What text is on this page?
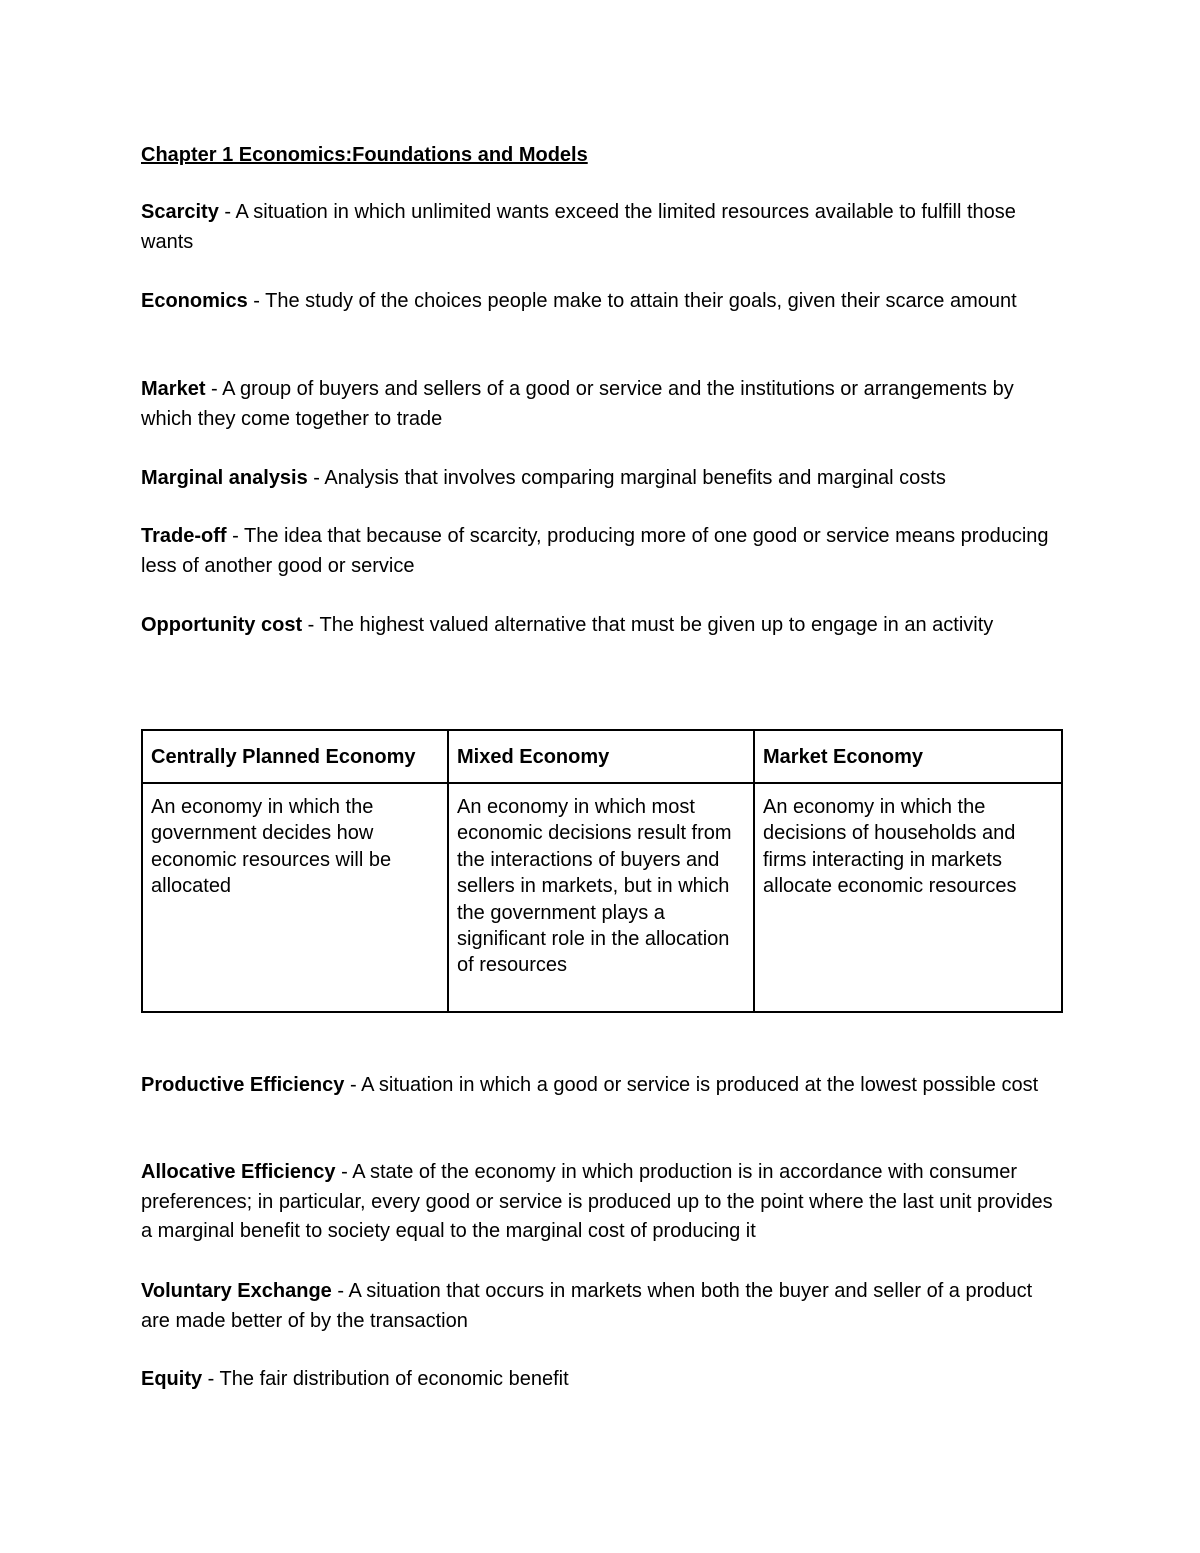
Chapter 1 Economics:Foundations and Models
Scarcity - A situation in which unlimited wants exceed the limited resources available to fulfill those wants
Economics - The study of the choices people make to attain their goals, given their scarce amount
Market - A group of buyers and sellers of a good or service and the institutions or arrangements by which they come together to trade
Marginal analysis - Analysis that involves comparing marginal benefits and marginal costs
Trade-off - The idea that because of scarcity, producing more of one good or service means producing less of another good or service
Opportunity cost - The highest valued alternative that must be given up to engage in an activity
Centrally Planned Economy	Mixed Economy	Market Economy
An economy in which the government decides how economic resources will be allocated	An economy in which most economic decisions result from the interactions of buyers and sellers in markets, but in which the government plays a significant role in the allocation of resources	An economy in which the decisions of households and firms interacting in markets allocate economic resources
Productive Efficiency - A situation in which a good or service is produced at the lowest possible cost
Allocative Efficiency - A state of the economy in which production is in accordance with consumer preferences; in particular, every good or service is produced up to the point where the last unit provides a marginal benefit to society equal to the marginal cost of producing it
Voluntary Exchange - A situation that occurs in markets when both the buyer and seller of a product are made better of by the transaction
Equity - The fair distribution of economic benefit
